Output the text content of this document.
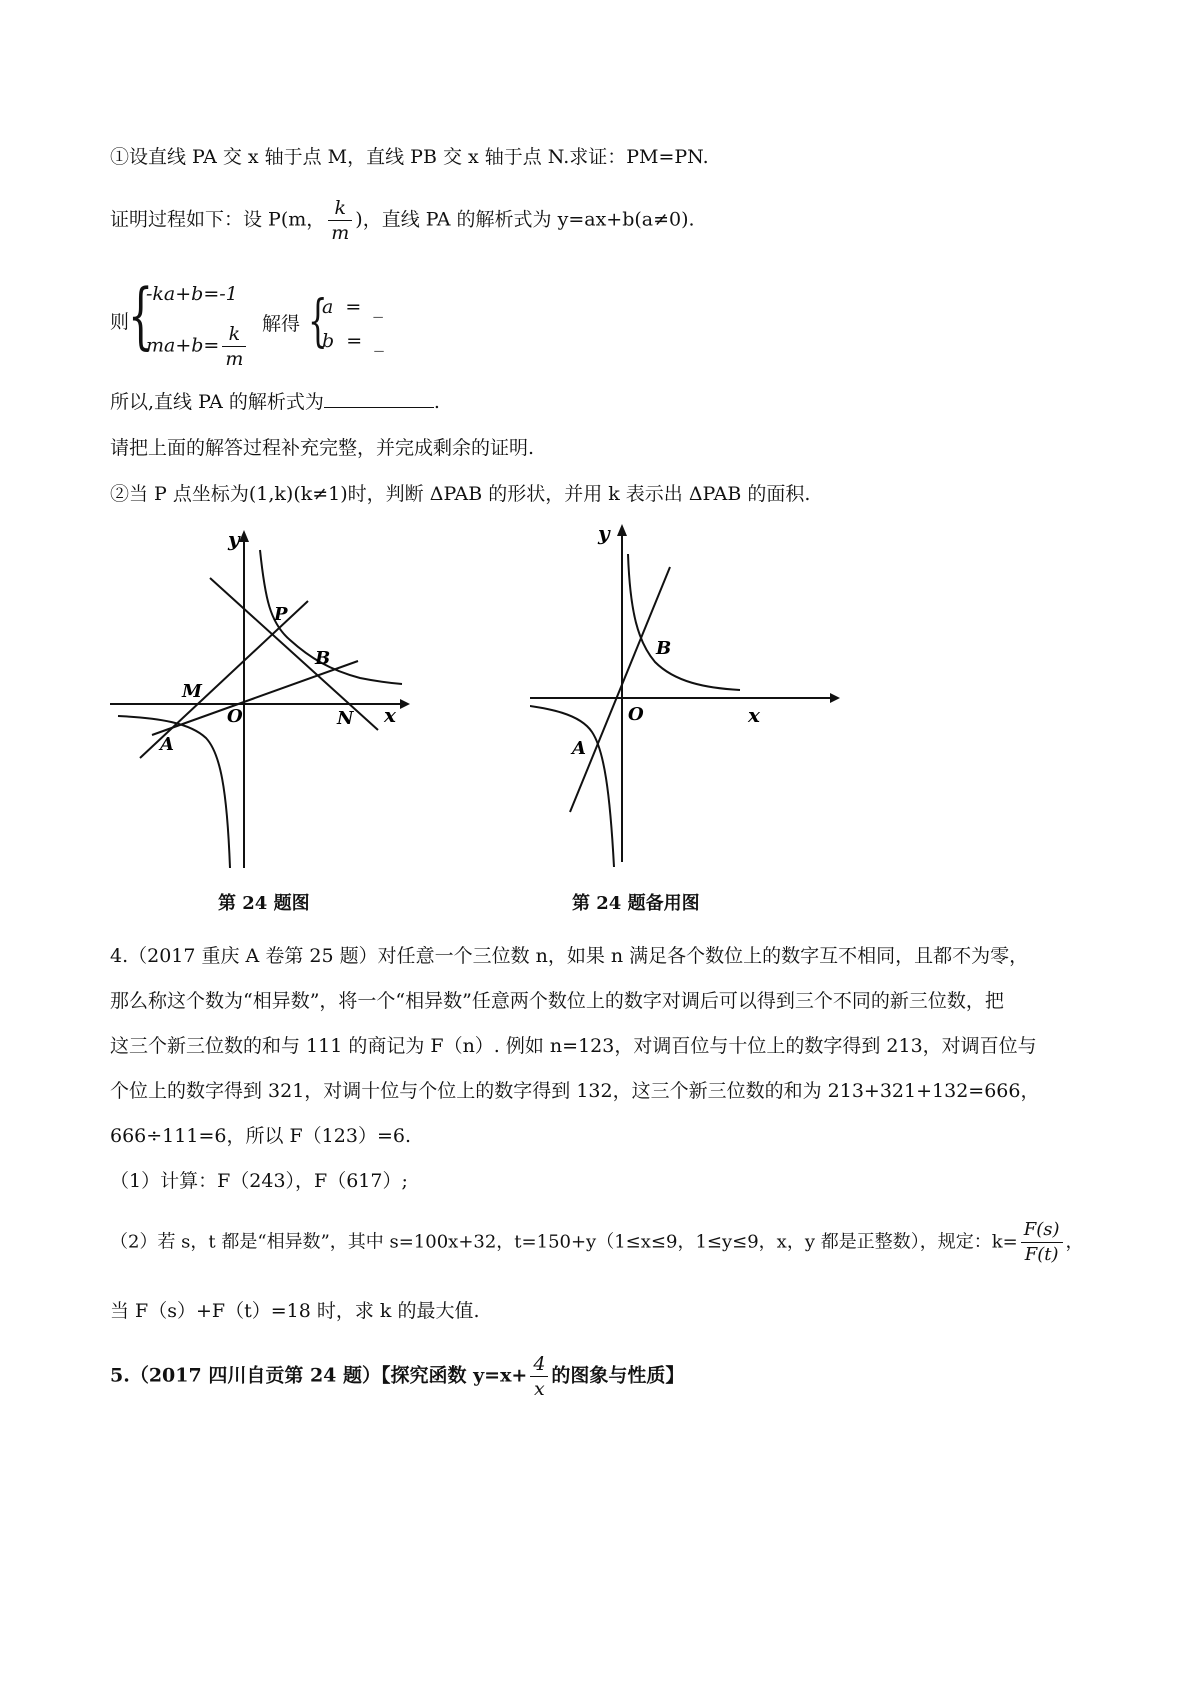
①设直线 PA 交 x 轴于点 M，直线 PB 交 x 轴于点 N.求证：PM=PN.
证明过程如下：设 P(m， $\frac{k}{m}$ )，直线 PA 的解析式为 y=ax+b(a≠0).
则
{
-ka+b=-1
$ma+b= \frac{k}{m}$ 解得 {
a  =  _
b  =  _
所以,直线 PA 的解析式为	.
请把上面的解答过程补充完整，并完成剩余的证明.
②当 P 点坐标为(1,k)(k≠1)时，判断 ΔPAB 的形状，并用 k 表示出 ΔPAB 的面积.
y
x
P
B
M
O	N
A
y
x
B
O
A
第 24 题图	第 24 题备用图
4.（2017 重庆 A 卷第 25 题）对任意一个三位数 n，如果 n 满足各个数位上的数字互不相同，且都不为零，
那么称这个数为“相异数”，将一个“相异数”任意两个数位上的数字对调后可以得到三个不同的新三位数，把
这三个新三位数的和与 111 的商记为 F（n）. 例如 n=123，对调百位与十位上的数字得到 213，对调百位与
个位上的数字得到 321，对调十位与个位上的数字得到 132，这三个新三位数的和为 213+321+132=666，
666÷111=6，所以 F（123）=6.
（1）计算：F（243），F（617）;
（2）若 s，t 都是“相异数”，其中 s=100x+32，t=150+y（1≤x≤9，1≤y≤9，x，y 都是正整数），规定：$k= \frac{F(s)}{F(t)}$ ，
当 F（s）+F（t）=18 时，求 k 的最大值.
5.（2017 四川自贡第 24 题）【探究函数 $y=x+ \frac{4}{x}$ 的图象与性质】
